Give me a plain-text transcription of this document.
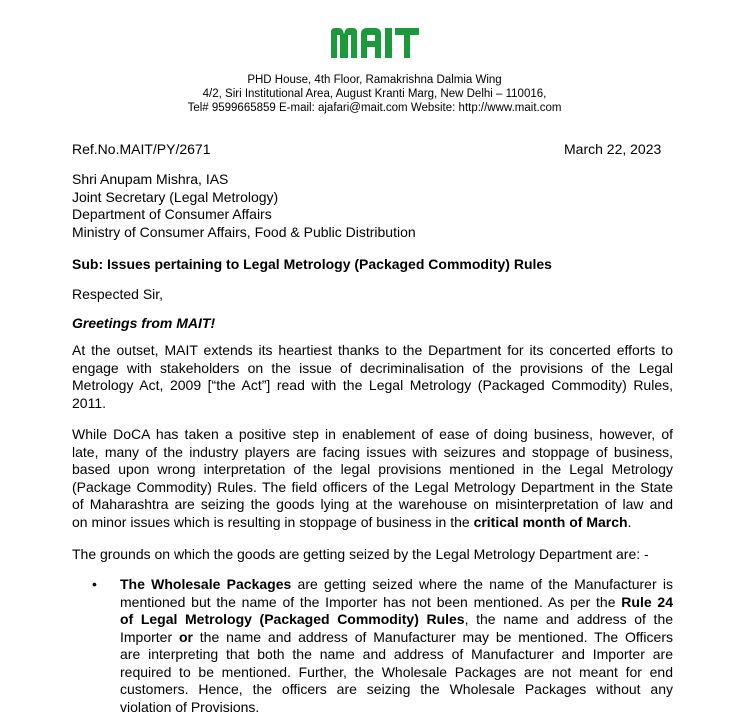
PHD House, 4th Floor, Ramakrishna Dalmia Wing
4/2, Siri Institutional Area, August Kranti Marg, New Delhi – 110016,
Tel# 9599665859 E-mail: ajafari@mait.com Website: http://www.mait.com
Ref.No.MAIT/PY/2671	March 22, 2023
Shri Anupam Mishra, IAS
Joint Secretary (Legal Metrology)
Department of Consumer Affairs
Ministry of Consumer Affairs, Food & Public Distribution
Sub: Issues pertaining to Legal Metrology (Packaged Commodity) Rules
Respected Sir,
Greetings from MAIT!
At the outset, MAIT extends its heartiest thanks to the Department for its concerted efforts to
engage with stakeholders on the issue of decriminalisation of the provisions of the Legal
Metrology Act, 2009 [“the Act”] read with the Legal Metrology (Packaged Commodity) Rules,
2011.
While DoCA has taken a positive step in enablement of ease of doing business, however, of
late, many of the industry players are facing issues with seizures and stoppage of business,
based upon wrong interpretation of the legal provisions mentioned in the Legal Metrology
(Package Commodity) Rules. The field officers of the Legal Metrology Department in the State
of Maharashtra are seizing the goods lying at the warehouse on misinterpretation of law and
on minor issues which is resulting in stoppage of business in the critical month of March.
The grounds on which the goods are getting seized by the Legal Metrology Department are: -
• The Wholesale Packages are getting seized where the name of the Manufacturer is
mentioned but the name of the Importer has not been mentioned. As per the Rule 24
of Legal Metrology (Packaged Commodity) Rules, the name and address of the
Importer or the name and address of Manufacturer may be mentioned. The Officers
are interpreting that both the name and address of Manufacturer and Importer are
required to be mentioned. Further, the Wholesale Packages are not meant for end
customers. Hence, the officers are seizing the Wholesale Packages without any
violation of Provisions.
